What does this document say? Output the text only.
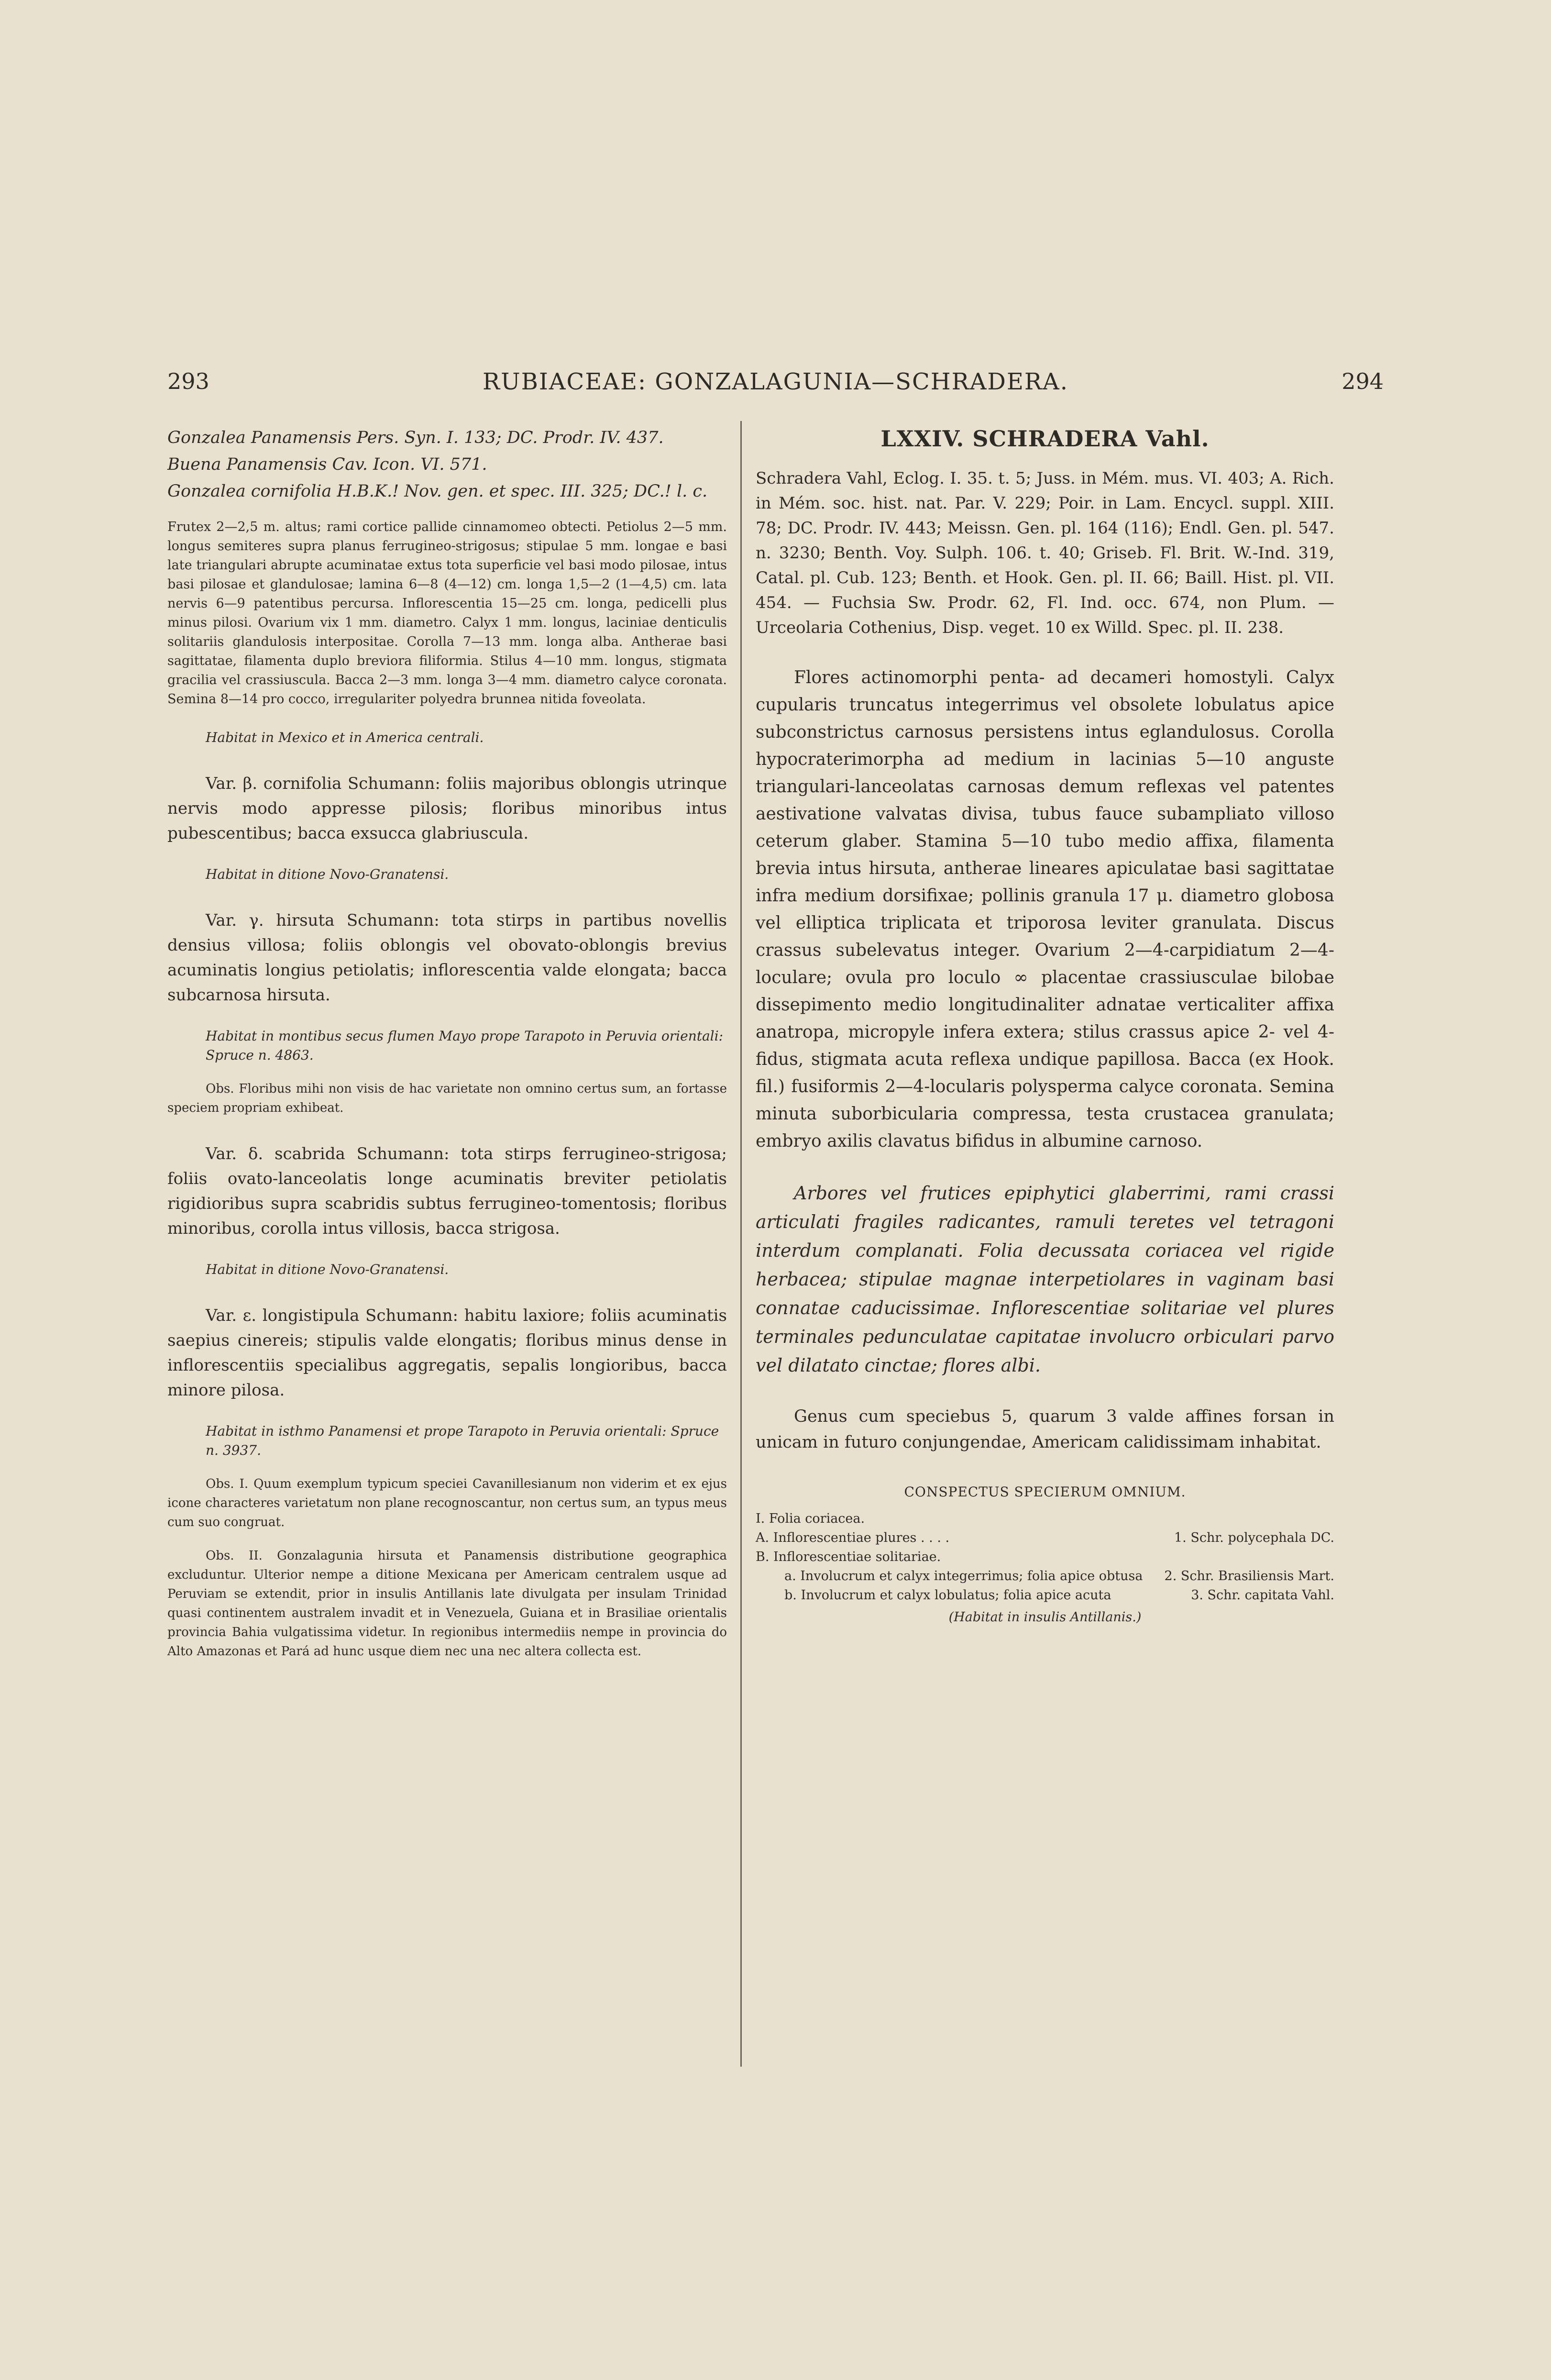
293	RUBIACEAE: GONZALAGUNIA—SCHRADERA.	294

Gonzalea Panamensis Pers. Syn. I. 133; DC. Prodr. IV. 437.

Buena Panamensis Cav. Icon. VI. 571.

Gonzalea cornifolia H.B.K.! Nov. gen. et spec. III. 325; DC.! l. c.

Frutex 2—2,5 m. altus; rami cortice pallide cinnamomeo obtecti. Petiolus 2—5 mm. longus semiteres supra planus ferrugineo-strigosus; stipulae 5 mm. longae e basi late triangulari abrupte acuminatae extus tota superficie vel basi modo pilosae, intus basi pilosae et glandulosae; lamina 6—8 (4—12) cm. longa 1,5—2 (1—4,5) cm. lata nervis 6—9 patentibus percursa. Inflorescentia 15—25 cm. longa, pedicelli plus minus pilosi. Ovarium vix 1 mm. diametro. Calyx 1 mm. longus, laciniae denticulis solitariis glandulosis interpositae. Corolla 7—13 mm. longa alba. Antherae basi sagittatae, filamenta duplo breviora filiformia. Stilus 4—10 mm. longus, stigmata gracilia vel crassiuscula. Bacca 2—3 mm. longa 3—4 mm. diametro calyce coronata. Semina 8—14 pro cocco, irregulariter polyedra brunnea nitida foveolata.

Habitat in Mexico et in America centrali.

Var. β. cornifolia Schumann: foliis majoribus oblongis utrinque nervis modo appresse pilosis; floribus minoribus intus pubescentibus; bacca exsucca glabriuscula.

Habitat in ditione Novo-Granatensi.

Var. γ. hirsuta Schumann: tota stirps in partibus novellis densius villosa; foliis oblongis vel obovato-oblongis brevius acuminatis longius petiolatis; inflorescentia valde elongata; bacca subcarnosa hirsuta.

Habitat in montibus secus flumen Mayo prope Tarapoto in Peruvia orientali: Spruce n. 4863.

Obs. Floribus mihi non visis de hac varietate non omnino certus sum, an fortasse speciem propriam exhibeat.

Var. δ. scabrida Schumann: tota stirps ferrugineo-strigosa; foliis ovato-lanceolatis longe acuminatis breviter petiolatis rigidioribus supra scabridis subtus ferrugineo-tomentosis; floribus minoribus, corolla intus villosis, bacca strigosa.

Habitat in ditione Novo-Granatensi.

Var. ε. longistipula Schumann: habitu laxiore; foliis acuminatis saepius cinereis; stipulis valde elongatis; floribus minus dense in inflorescentiis specialibus aggregatis, sepalis longioribus, bacca minore pilosa.

Habitat in isthmo Panamensi et prope Tarapoto in Peruvia orientali: Spruce n. 3937.

Obs. I. Quum exemplum typicum speciei Cavanillesianum non viderim et ex ejus icone characteres varietatum non plane recognoscantur, non certus sum, an typus meus cum suo congruat.

Obs. II. Gonzalagunia hirsuta et Panamensis distributione geographica excluduntur. Ulterior nempe a ditione Mexicana per Americam centralem usque ad Peruviam se extendit, prior in insulis Antillanis late divulgata per insulam Trinidad quasi continentem australem invadit et in Venezuela, Guiana et in Brasiliae orientalis provincia Bahia vulgatissima videtur. In regionibus intermediis nempe in provincia do Alto Amazonas et Pará ad hunc usque diem nec una nec altera collecta est.

LXXIV. SCHRADERA Vahl.

Schradera Vahl, Eclog. I. 35. t. 5; Juss. in Mém. mus. VI. 403; A. Rich. in Mém. soc. hist. nat. Par. V. 229; Poir. in Lam. Encycl. suppl. XIII. 78; DC. Prodr. IV. 443; Meissn. Gen. pl. 164 (116); Endl. Gen. pl. 547. n. 3230; Benth. Voy. Sulph. 106. t. 40; Griseb. Fl. Brit. W.-Ind. 319, Catal. pl. Cub. 123; Benth. et Hook. Gen. pl. II. 66; Baill. Hist. pl. VII. 454. — Fuchsia Sw. Prodr. 62, Fl. Ind. occ. 674, non Plum. — Urceolaria Cothenius, Disp. veget. 10 ex Willd. Spec. pl. II. 238.

Flores actinomorphi penta- ad decameri homostyli. Calyx cupularis truncatus integerrimus vel obsolete lobulatus apice subconstrictus carnosus persistens intus eglandulosus. Corolla hypocraterimorpha ad medium in lacinias 5—10 anguste triangulari-lanceolatas carnosas demum reflexas vel patentes aestivatione valvatas divisa, tubus fauce subampliato villoso ceterum glaber. Stamina 5—10 tubo medio affixa, filamenta brevia intus hirsuta, antherae lineares apiculatae basi sagittatae infra medium dorsifixae; pollinis granula 17 μ. diametro globosa vel elliptica triplicata et triporosa leviter granulata. Discus crassus subelevatus integer. Ovarium 2—4-carpidiatum 2—4-loculare; ovula pro loculo ∞ placentae crassiusculae bilobae dissepimento medio longitudinaliter adnatae verticaliter affixa anatropa, micropyle infera extera; stilus crassus apice 2- vel 4-fidus, stigmata acuta reflexa undique papillosa. Bacca (ex Hook. fil.) fusiformis 2—4-locularis polysperma calyce coronata. Semina minuta suborbicularia compressa, testa crustacea granulata; embryo axilis clavatus bifidus in albumine carnoso.

Arbores vel frutices epiphytici glaberrimi, rami crassi articulati fragiles radicantes, ramuli teretes vel tetragoni interdum complanati. Folia decussata coriacea vel rigide herbacea; stipulae magnae interpetiolares in vaginam basi connatae caducissimae. Inflorescentiae solitariae vel plures terminales pedunculatae capitatae involucro orbiculari parvo vel dilatato cinctae; flores albi.

Genus cum speciebus 5, quarum 3 valde affines forsan in unicam in futuro conjungendae, Americam calidissimam inhabitat.

CONSPECTUS SPECIERUM OMNIUM.
I. Folia coriacea.
A. Inflorescentiae plures . . . .	1. Schr. polycephala DC.
B. Inflorescentiae solitariae.
a. Involucrum et calyx integerrimus; folia apice obtusa 2. Schr. Brasiliensis Mart.
b. Involucrum et calyx lobulatus; folia apice acuta	3. Schr. capitata Vahl.
(Habitat in insulis Antillanis.)
